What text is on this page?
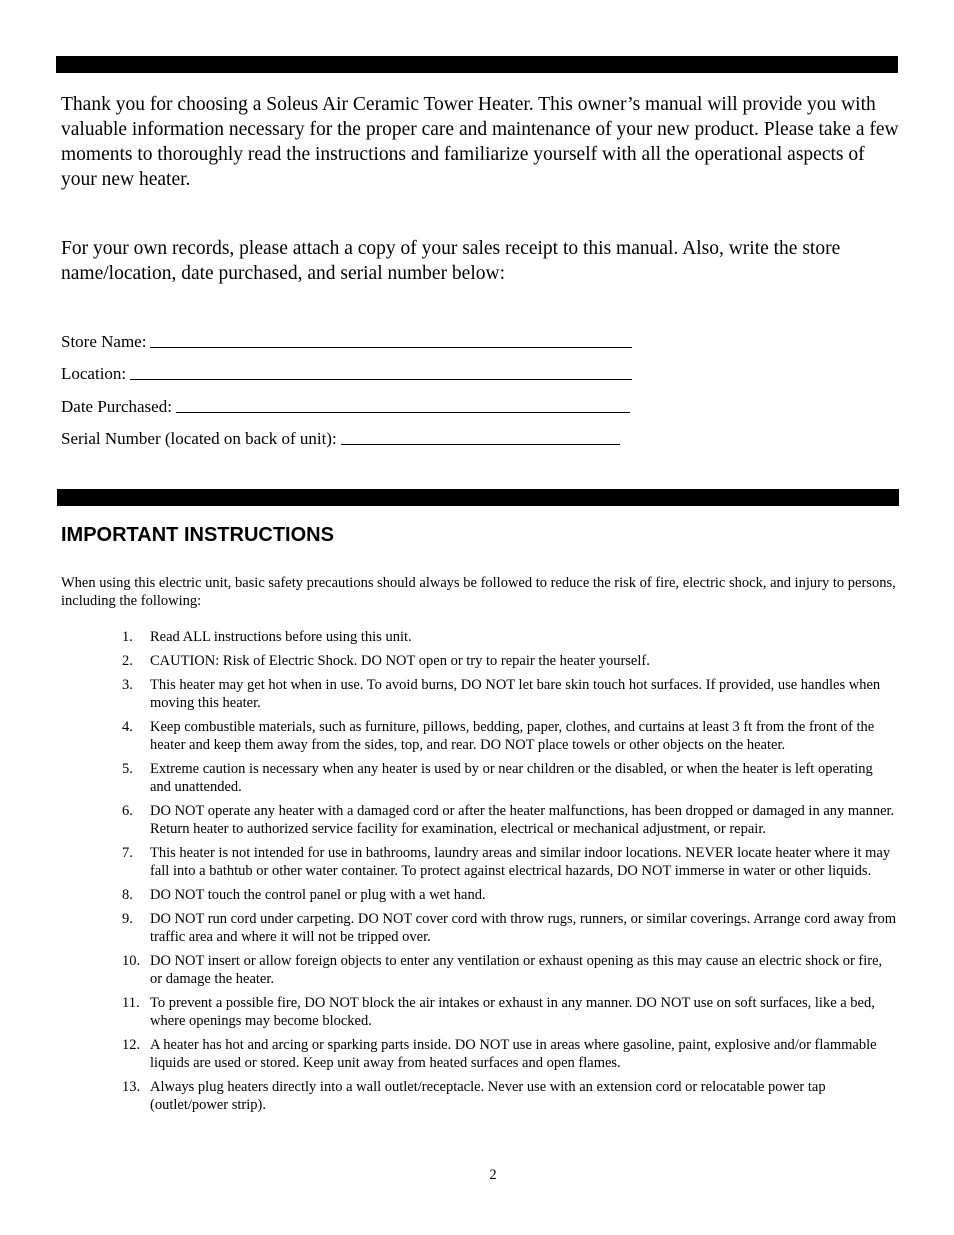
Thank you for choosing a Soleus Air Ceramic Tower Heater. This owner’s manual will provide you with valuable information necessary for the proper care and maintenance of your new product. Please take a few moments to thoroughly read the instructions and familiarize yourself with all the operational aspects of your new heater.

For your own records, please attach a copy of your sales receipt to this manual. Also, write the store name/location, date purchased, and serial number below:

Store Name:
Location:
Date Purchased:
Serial Number (located on back of unit):
IMPORTANT INSTRUCTIONS

When using this electric unit, basic safety precautions should always be followed to reduce the risk of fire, electric shock, and injury to persons, including the following:

1. Read ALL instructions before using this unit.
2. CAUTION: Risk of Electric Shock. DO NOT open or try to repair the heater yourself.
3. This heater may get hot when in use. To avoid burns, DO NOT let bare skin touch hot surfaces. If provided, use handles when moving this heater.
4. Keep combustible materials, such as furniture, pillows, bedding, paper, clothes, and curtains at least 3 ft from the front of the heater and keep them away from the sides, top, and rear. DO NOT place towels or other objects on the heater.
5. Extreme caution is necessary when any heater is used by or near children or the disabled, or when the heater is left operating and unattended.
6. DO NOT operate any heater with a damaged cord or after the heater malfunctions, has been dropped or damaged in any manner. Return heater to authorized service facility for examination, electrical or mechanical adjustment, or repair.
7. This heater is not intended for use in bathrooms, laundry areas and similar indoor locations. NEVER locate heater where it may fall into a bathtub or other water container. To protect against electrical hazards, DO NOT immerse in water or other liquids.
8. DO NOT touch the control panel or plug with a wet hand.
9. DO NOT run cord under carpeting. DO NOT cover cord with throw rugs, runners, or similar coverings. Arrange cord away from traffic area and where it will not be tripped over.
10. DO NOT insert or allow foreign objects to enter any ventilation or exhaust opening as this may cause an electric shock or fire, or damage the heater.
11. To prevent a possible fire, DO NOT block the air intakes or exhaust in any manner. DO NOT use on soft surfaces, like a bed, where openings may become blocked.
12. A heater has hot and arcing or sparking parts inside. DO NOT use in areas where gasoline, paint, explosive and/or flammable liquids are used or stored. Keep unit away from heated surfaces and open flames.
13. Always plug heaters directly into a wall outlet/receptacle. Never use with an extension cord or relocatable power tap (outlet/power strip).
2
